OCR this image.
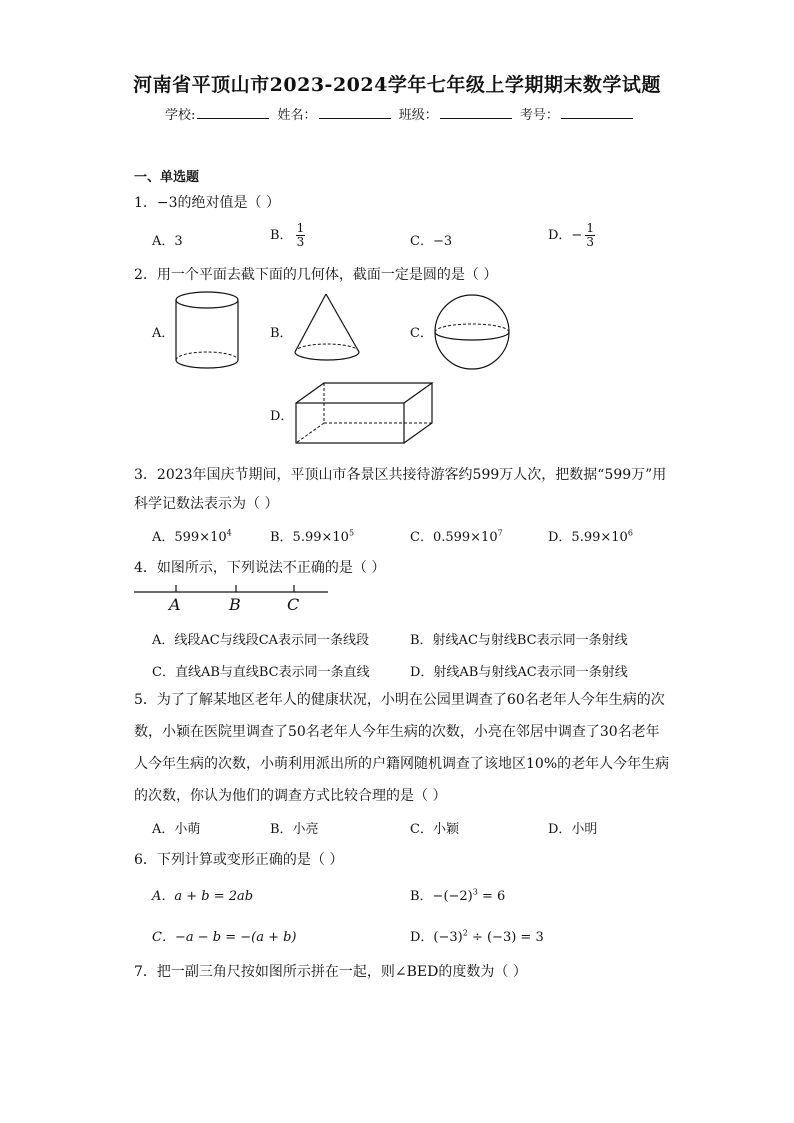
河南省平顶山市2023-2024学年七年级上学期期末数学试题
学校:	姓名：	班级：	考号：
一、单选题
1．−3的绝对值是（ ）
A．3	B． $\frac{1}{3}$	C．−3	D．− $\frac{1}{3}$
2．用一个平面去截下面的几何体，截面一定是圆的是（ ）
A．	B．	C．
D．
3．2023年国庆节期间，平顶山市各景区共接待游客约599万人次，把数据“599万”用
科学记数法表示为（ ）
A．$599\times 10^4$	B．$5.99\times 10^5$	C．$0.599\times 10^7$	D．$5.99\times 10^6$
4．如图所示，下列说法不正确的是（ ）
A	B	C
A．线段AC与线段CA表示同一条线段	B．射线AC与射线BC表示同一条射线
C．直线AB与直线BC表示同一条直线	D．射线AB与射线AC表示同一条射线
5．为了了解某地区老年人的健康状况，小明在公园里调查了60名老年人今年生病的次
数，小颖在医院里调查了50名老年人今年生病的次数，小亮在邻居中调查了30名老年
人今年生病的次数，小萌利用派出所的户籍网随机调查了该地区10%的老年人今年生病
的次数，你认为他们的调查方式比较合理的是（ ）
A．小萌	B．小亮	C．小颖	D．小明
6．下列计算或变形正确的是（ ）
A．a + b = 2ab	B．$-(-2)^3 = 6$
C．−a − b = −(a + b)	D．$(-3)^2 \div (-3) = 3$
7．把一副三角尺按如图所示拼在一起，则∠BED的度数为（ ）
